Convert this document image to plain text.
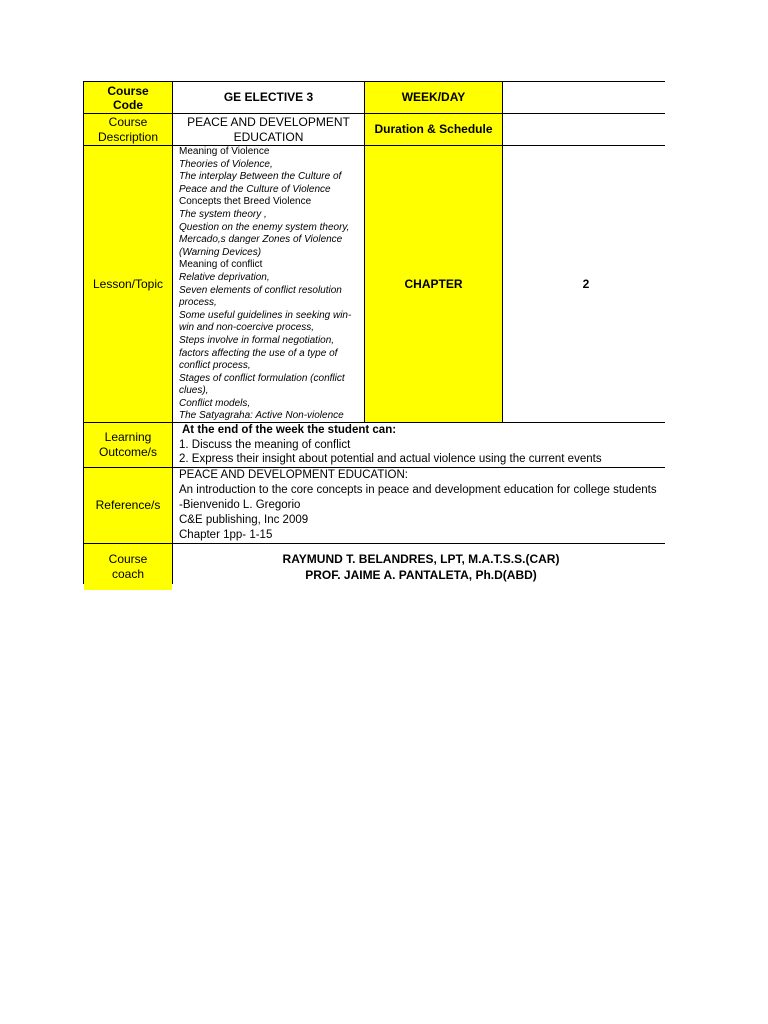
Course Code
GE ELECTIVE 3	WEEK/DAY
Course
Description
PEACE AND DEVELOPMENT EDUCATION
Duration & Schedule
Lesson/Topic
Meaning of Violence
Theories of Violence,
The interplay Between the Culture of
Peace and the Culture of Violence
Concepts thet Breed Violence
The system theory ,
Question on the enemy system theory,
Mercado,s danger Zones of Violence
(Warning Devices)
Meaning of conflict
Relative deprivation,
Seven elements of conflict resolution
process,
Some useful guidelines in seeking win-
win and non-coercive process,
Steps involve in formal negotiation,
factors affecting the use of a type of
conflict process,
Stages of conflict formulation (conflict
clues),
Conflict models,
The Satyagraha: Active Non-violence
CHAPTER	2
Learning
Outcome/s
At the end of the week the student can:
1. Discuss the meaning of conflict
2. Express their insight about potential and actual violence using the current events
Reference/s
PEACE AND DEVELOPMENT EDUCATION:
An introduction to the core concepts in peace and development education for college students
-Bienvenido L. Gregorio
C&E publishing, Inc 2009
Chapter 1pp- 1-15
Course
coach
RAYMUND T. BELANDRES, LPT, M.A.T.S.S.(CAR)
PROF. JAIME A. PANTALETA, Ph.D(ABD)
